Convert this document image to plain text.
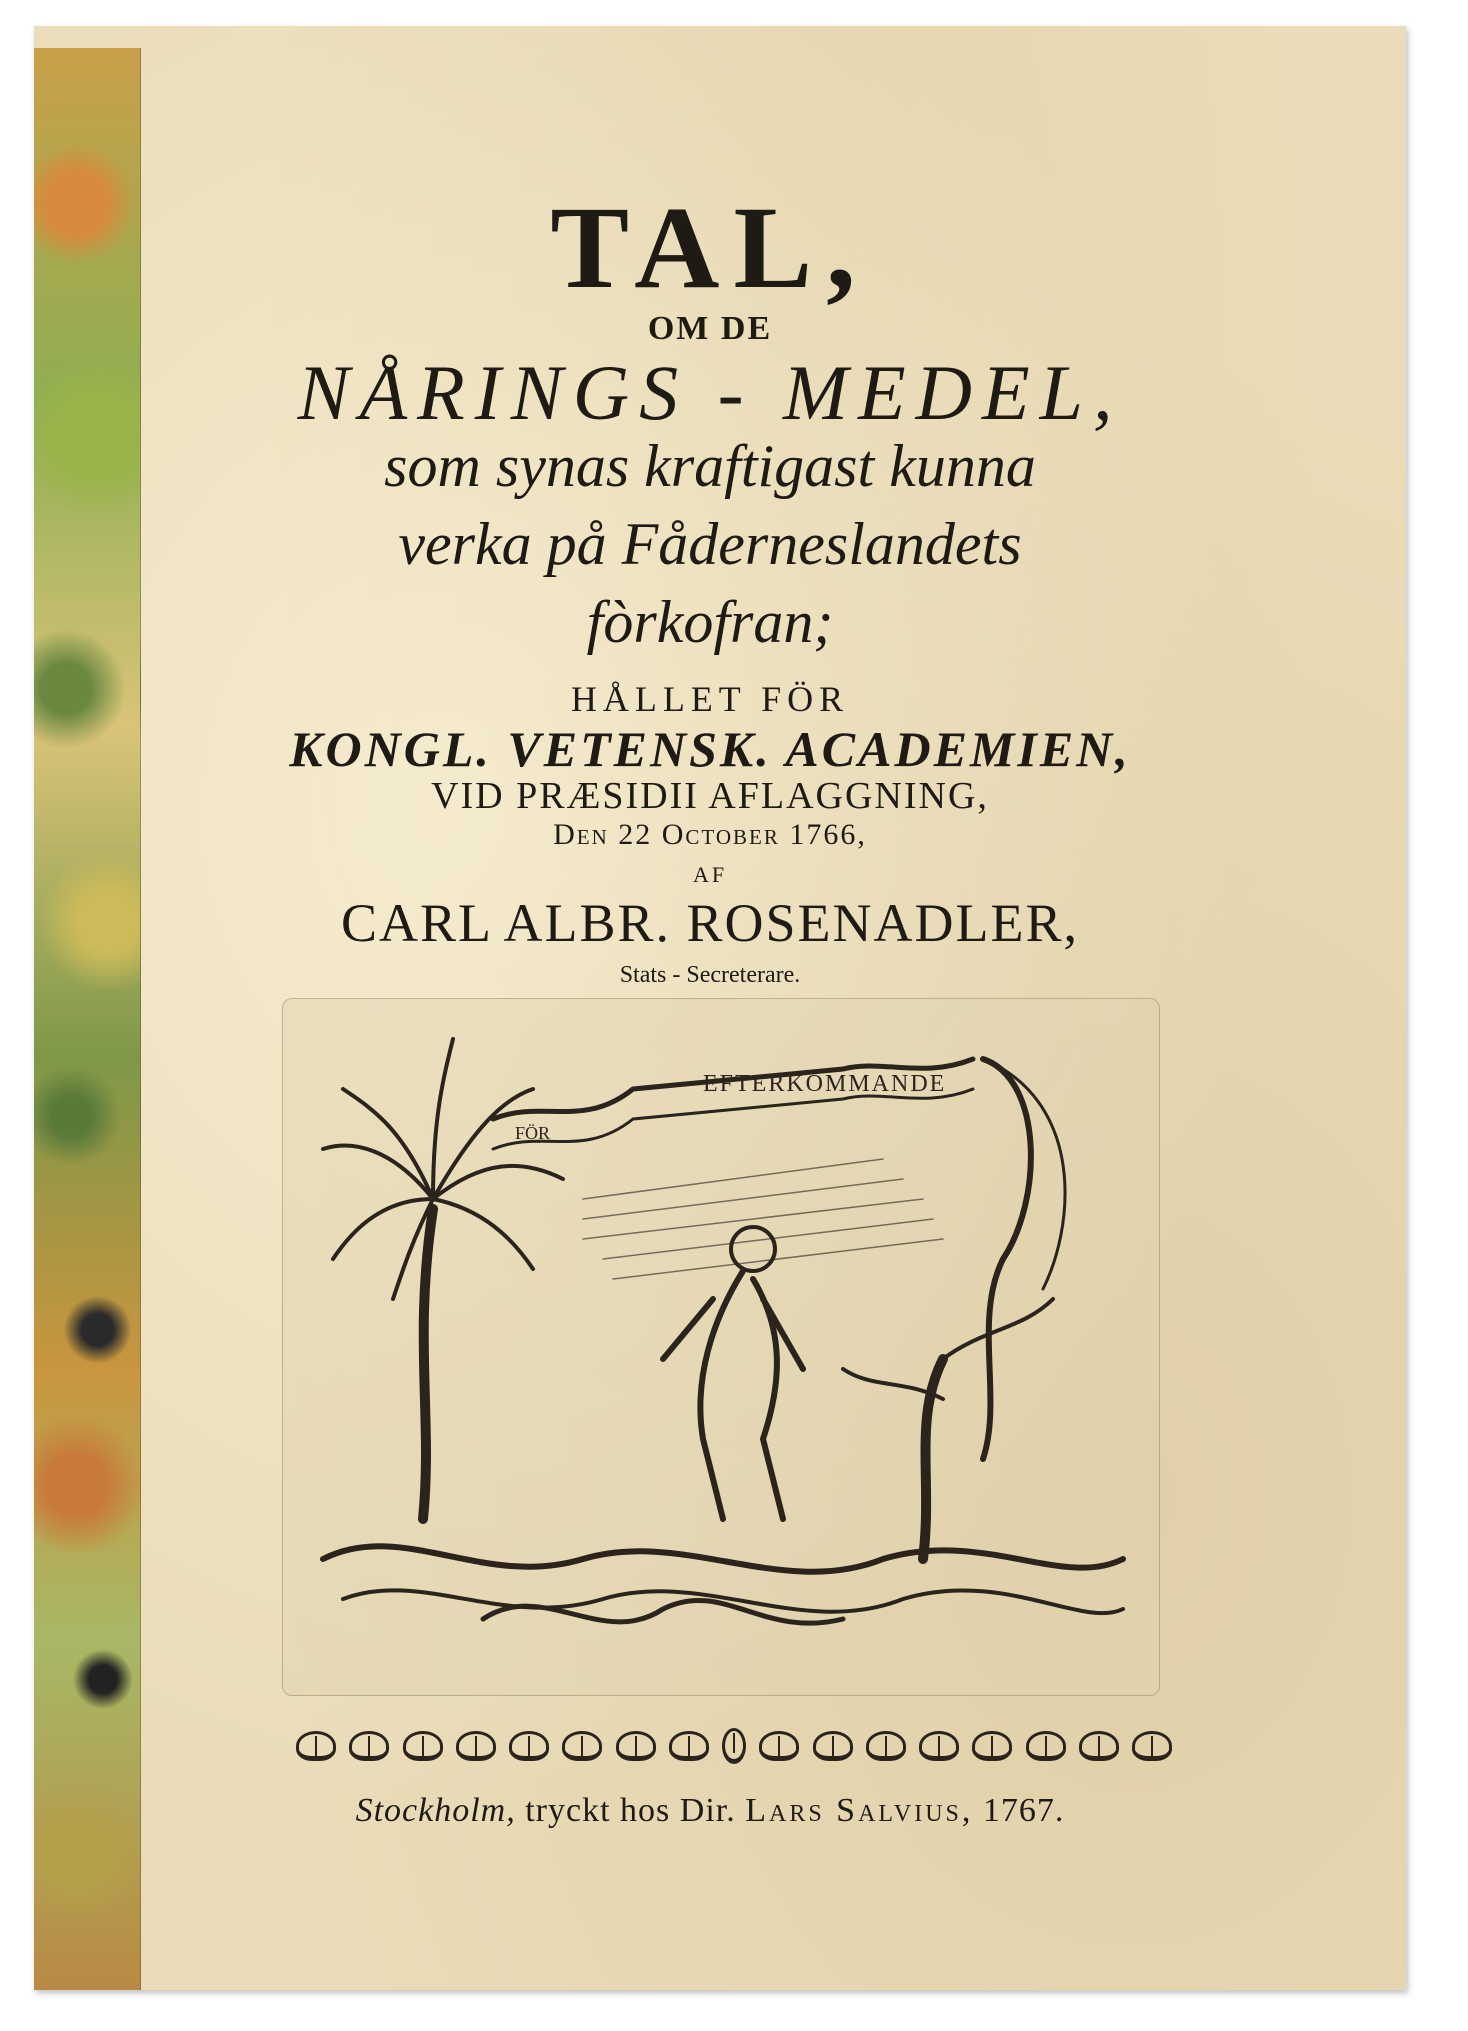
TAL,
OM DE
NÅRINGS - MEDEL,
som synas kraftigast kunna
verka på Fåderneslandets
fòrkofran;
HÅLLET FÖR
KONGL. VETENSK. ACADEMIEN,
VID PRÆSIDII AFLAGGNING,
Den 22 October 1766,
AF
CARL ALBR. ROSENADLER,
Stats - Secreterare.
EFTERKOMMANDE
FÖR
Stockholm, tryckt hos Dir. Lars Salvius, 1767.
